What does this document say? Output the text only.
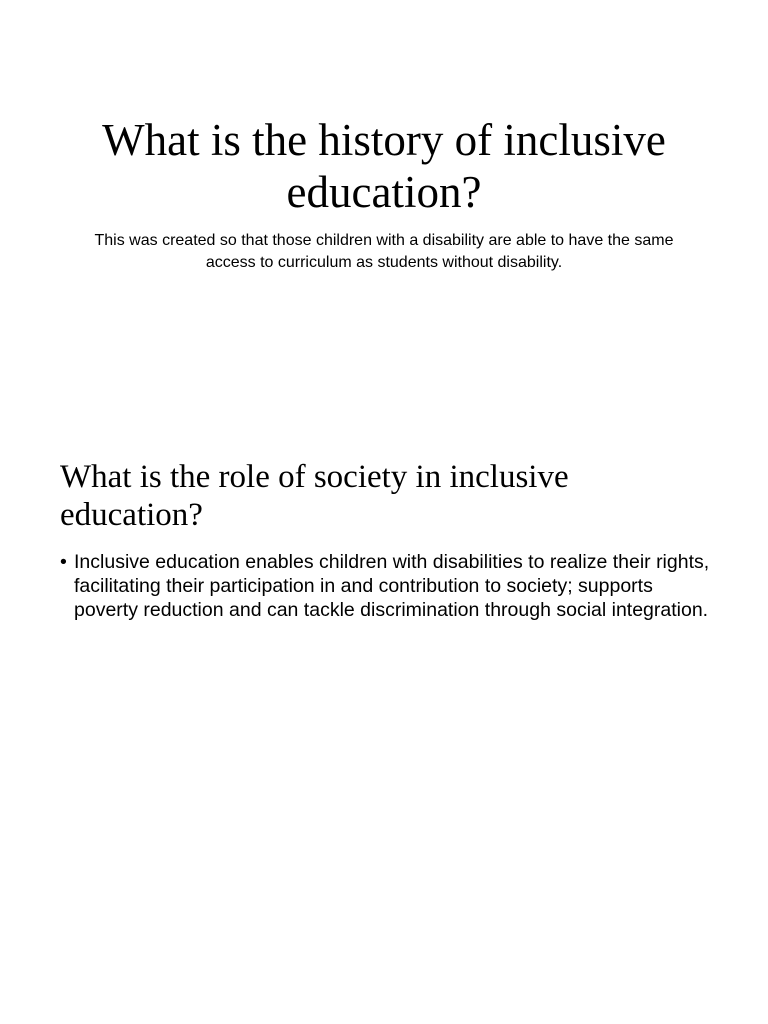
What is the history of inclusive education?

This was created so that those children with a disability are able to have the same access to curriculum as students without disability.

What is the role of society in inclusive education?
• Inclusive education enables children with disabilities to realize their rights, facilitating their participation in and contribution to society; supports poverty reduction and can tackle discrimination through social integration.
